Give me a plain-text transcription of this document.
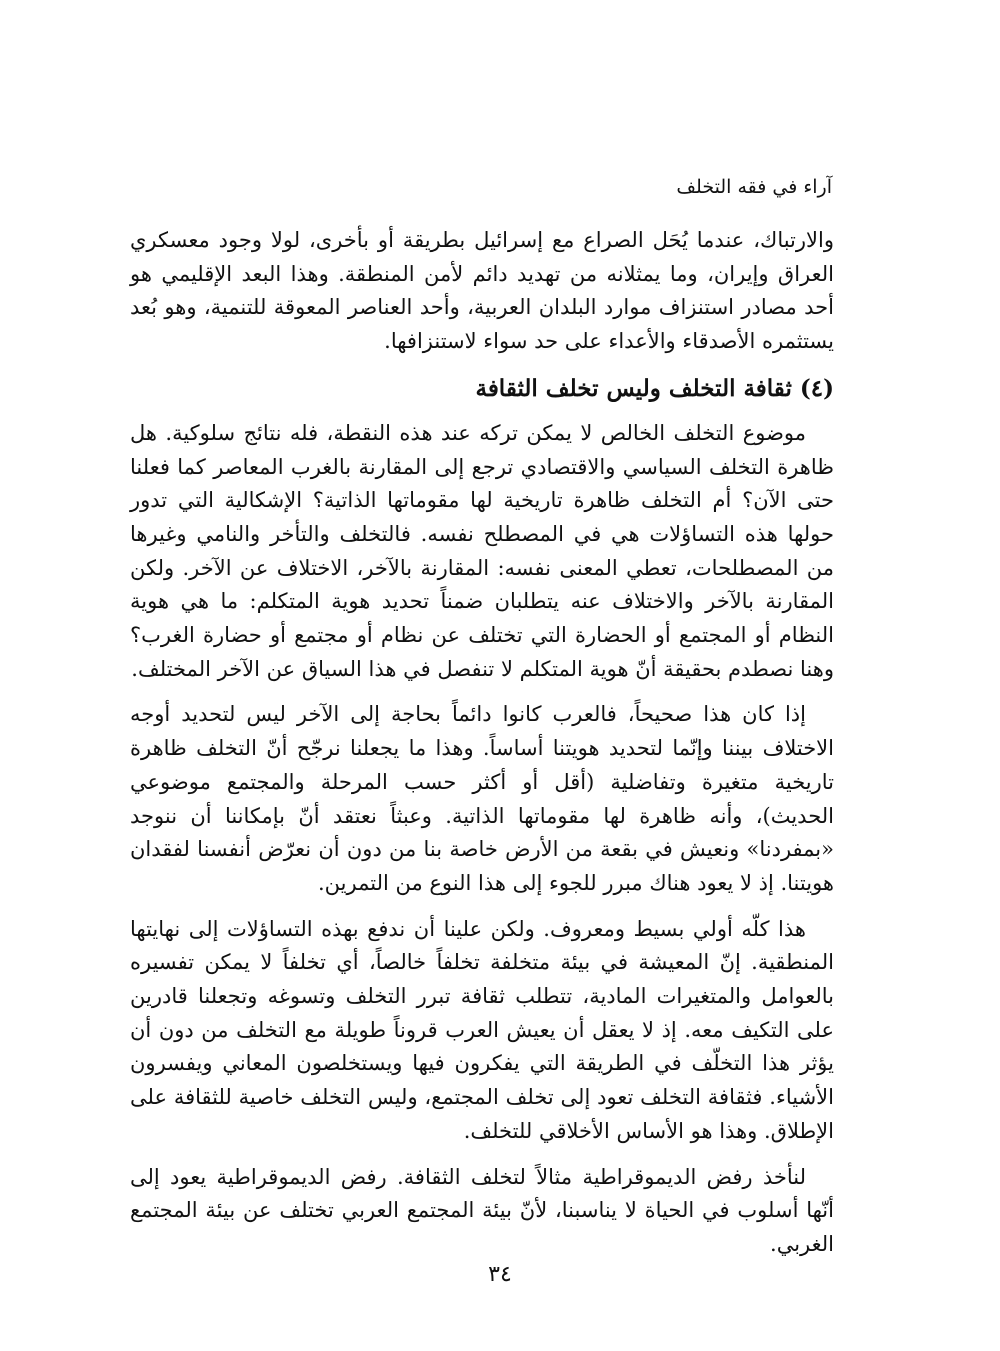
آراء في فقه التخلف

والارتباك، عندما يُحَل الصراع مع إسرائيل بطريقة أو بأخرى، لولا وجود معسكري العراق وإيران، وما يمثلانه من تهديد دائم لأمن المنطقة. وهذا البعد الإقليمي هو أحد مصادر استنزاف موارد البلدان العربية، وأحد العناصر المعوقة للتنمية، وهو بُعد يستثمره الأصدقاء والأعداء على حد سواء لاستنزافها.

(٤) ثقافة التخلف وليس تخلف الثقافة

موضوع التخلف الخالص لا يمكن تركه عند هذه النقطة، فله نتائج سلوكية. هل ظاهرة التخلف السياسي والاقتصادي ترجع إلى المقارنة بالغرب المعاصر كما فعلنا حتى الآن؟ أم التخلف ظاهرة تاريخية لها مقوماتها الذاتية؟ الإشكالية التي تدور حولها هذه التساؤلات هي في المصطلح نفسه. فالتخلف والتأخر والنامي وغيرها من المصطلحات، تعطي المعنى نفسه: المقارنة بالآخر، الاختلاف عن الآخر. ولكن المقارنة بالآخر والاختلاف عنه يتطلبان ضمناً تحديد هوية المتكلم: ما هي هوية النظام أو المجتمع أو الحضارة التي تختلف عن نظام أو مجتمع أو حضارة الغرب؟ وهنا نصطدم بحقيقة أنّ هوية المتكلم لا تنفصل في هذا السياق عن الآخر المختلف.

إذا كان هذا صحيحاً، فالعرب كانوا دائماً بحاجة إلى الآخر ليس لتحديد أوجه الاختلاف بيننا وإنّما لتحديد هويتنا أساساً. وهذا ما يجعلنا نرجّح أنّ التخلف ظاهرة تاريخية متغيرة وتفاضلية (أقل أو أكثر حسب المرحلة والمجتمع موضوعي الحديث)، وأنه ظاهرة لها مقوماتها الذاتية. وعبثاً نعتقد أنّ بإمكاننا أن ننوجد «بمفردنا» ونعيش في بقعة من الأرض خاصة بنا من دون أن نعرّض أنفسنا لفقدان هويتنا. إذ لا يعود هناك مبرر للجوء إلى هذا النوع من التمرين.

هذا كلّه أولي بسيط ومعروف. ولكن علينا أن ندفع بهذه التساؤلات إلى نهايتها المنطقية. إنّ المعيشة في بيئة متخلفة تخلفاً خالصاً، أي تخلفاً لا يمكن تفسيره بالعوامل والمتغيرات المادية، تتطلب ثقافة تبرر التخلف وتسوغه وتجعلنا قادرين على التكيف معه. إذ لا يعقل أن يعيش العرب قروناً طويلة مع التخلف من دون أن يؤثر هذا التخلّف في الطريقة التي يفكرون فيها ويستخلصون المعاني ويفسرون الأشياء. فثقافة التخلف تعود إلى تخلف المجتمع، وليس التخلف خاصية للثقافة على الإطلاق. وهذا هو الأساس الأخلاقي للتخلف.

لنأخذ رفض الديموقراطية مثالاً لتخلف الثقافة. رفض الديموقراطية يعود إلى أنّها أسلوب في الحياة لا يناسبنا، لأنّ بيئة المجتمع العربي تختلف عن بيئة المجتمع الغربي.

٣٤
